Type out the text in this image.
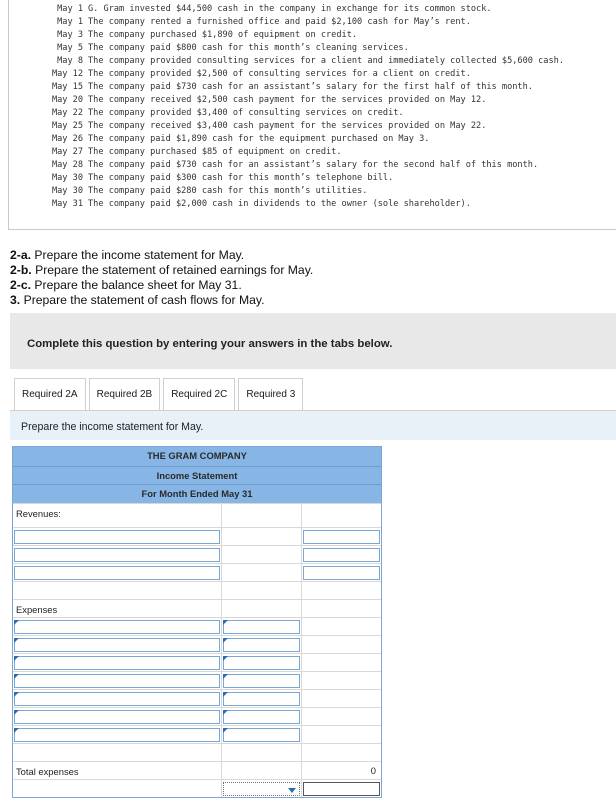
May 1 G. Gram invested $44,500 cash in the company in exchange for its common stock.
May 1 The company rented a furnished office and paid $2,100 cash for May’s rent.
May 3 The company purchased $1,890 of equipment on credit.
May 5 The company paid $800 cash for this month’s cleaning services.
May 8 The company provided consulting services for a client and immediately collected $5,600 cash.
May 12 The company provided $2,500 of consulting services for a client on credit.
May 15 The company paid $730 cash for an assistant’s salary for the first half of this month.
May 20 The company received $2,500 cash payment for the services provided on May 12.
May 22 The company provided $3,400 of consulting services on credit.
May 25 The company received $3,400 cash payment for the services provided on May 22.
May 26 The company paid $1,890 cash for the equipment purchased on May 3.
May 27 The company purchased $85 of equipment on credit.
May 28 The company paid $730 cash for an assistant’s salary for the second half of this month.
May 30 The company paid $300 cash for this month’s telephone bill.
May 30 The company paid $280 cash for this month’s utilities.
May 31 The company paid $2,000 cash in dividends to the owner (sole shareholder).
2-a. Prepare the income statement for May.
2-b. Prepare the statement of retained earnings for May.
2-c. Prepare the balance sheet for May 31.
3. Prepare the statement of cash flows for May.
Complete this question by entering your answers in the tabs below.
Required 2A	Required 2B	Required 2C	Required 3
Prepare the income statement for May.
THE GRAM COMPANY
Income Statement
For Month Ended May 31
Revenues:
Expenses
Total expenses	0
